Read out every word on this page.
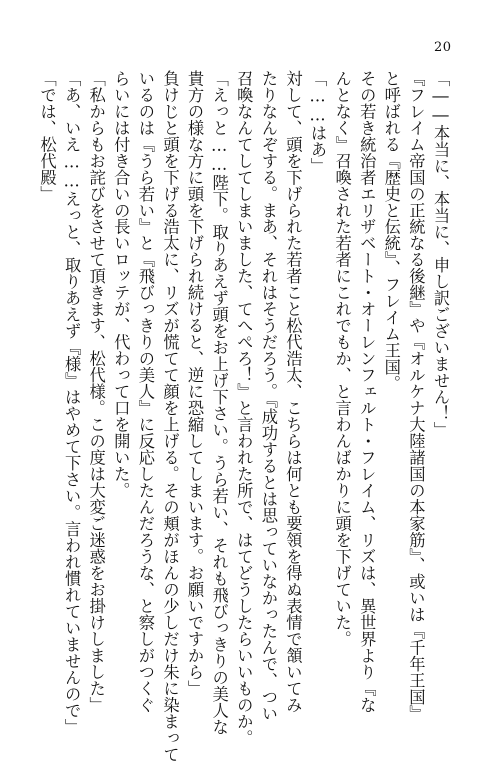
20
「――本当に、本当に、申し訳ございません！」
『フレイム帝国の正統なる後継』や『オルケナ大陸諸国の本家筋』、或いは『千年王国』
と呼ばれる『歴史と伝統』、フレイム王国。
その若き統治者エリザベート・オーレンフェルト・フレイム、リズは、異世界より『な
んとなく』召喚された若者にこれでもか、と言わんばかりに頭を下げていた。
「……はあ」
対して、頭を下げられた若者こと松代浩太、こちらは何とも要領を得ぬ表情で頷いてみ
たりなんぞする。まあ、それはそうだろう。『成功するとは思っていなかったんで、つい
召喚なんてしてしまいました、てへぺろ！』と言われた所で、はてどうしたらいいものか。
「えっと……陛下。取りあえず頭をお上げ下さい。うら若い、それも飛びっきりの美人な
貴方の様な方に頭を下げられ続けると、逆に恐縮してしまいます。お願いですから」
負けじと頭を下げる浩太に、リズが慌てて顔を上げる。その頬がほんの少しだけ朱に染まって
いるのは『うら若い』と『飛びっきりの美人』に反応したんだろうな、と察しがつくぐ
らいには付き合いの長いロッテが、代わって口を開いた。
「私からもお詫びをさせて頂きます、松代様。この度は大変ご迷惑をお掛けしました」
「あ、いえ……えっと、取りあえず『様』はやめて下さい。言われ慣れていませんので」
「では、松代殿」
